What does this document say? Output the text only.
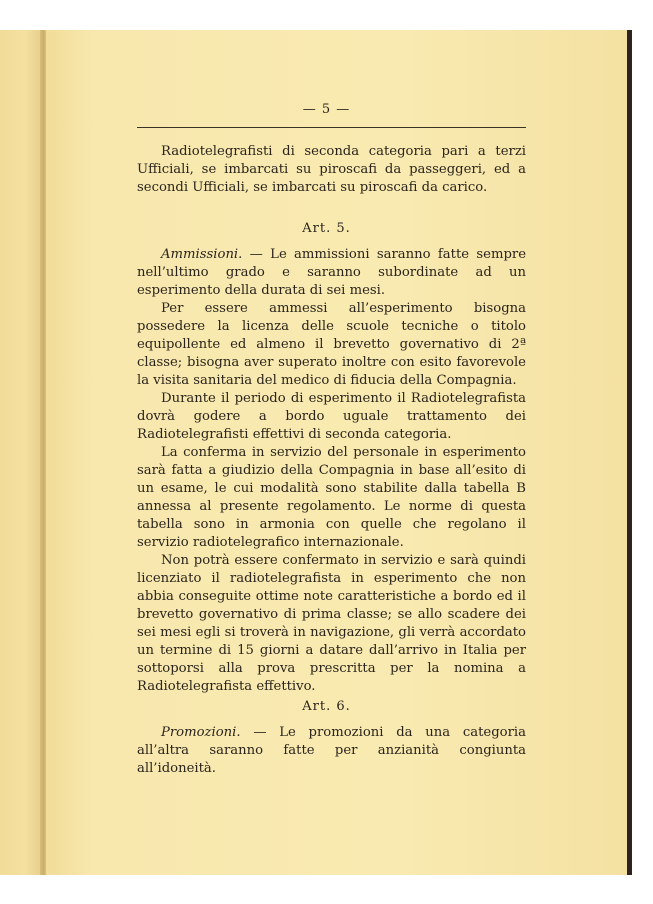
— 5 —

Radiotelegrafisti di seconda categoria pari a terzi Ufficiali, se imbarcati su piroscafi da passeggeri, ed a secondi Ufficiali, se imbarcati su piroscafi da carico.

Art. 5.

Ammissioni. — Le ammissioni saranno fatte sempre nell’ultimo grado e saranno subordinate ad un esperimento della durata di sei mesi.

Per essere ammessi all’esperimento bisogna possedere la licenza delle scuole tecniche o titolo equipollente ed almeno il brevetto governativo di 2ª classe; bisogna aver superato inoltre con esito favorevole la visita sanitaria del medico di fiducia della Compagnia.

Durante il periodo di esperimento il Radiotelegrafista dovrà godere a bordo uguale trattamento dei Radiotelegrafisti effettivi di seconda categoria.

La conferma in servizio del personale in esperimento sarà fatta a giudizio della Compagnia in base all’esito di un esame, le cui modalità sono stabilite dalla tabella B annessa al presente regolamento. Le norme di questa tabella sono in armonia con quelle che regolano il servizio radiotelegrafico internazionale.

Non potrà essere confermato in servizio e sarà quindi licenziato il radiotelegrafista in esperimento che non abbia conseguite ottime note caratteristiche a bordo ed il brevetto governativo di prima classe; se allo scadere dei sei mesi egli si troverà in navigazione, gli verrà accordato un termine di 15 giorni a datare dall’arrivo in Italia per sottoporsi alla prova prescritta per la nomina a Radiotelegrafista effettivo.

Art. 6.

Promozioni. — Le promozioni da una categoria all’altra saranno fatte per anzianità congiunta all’idoneità.
